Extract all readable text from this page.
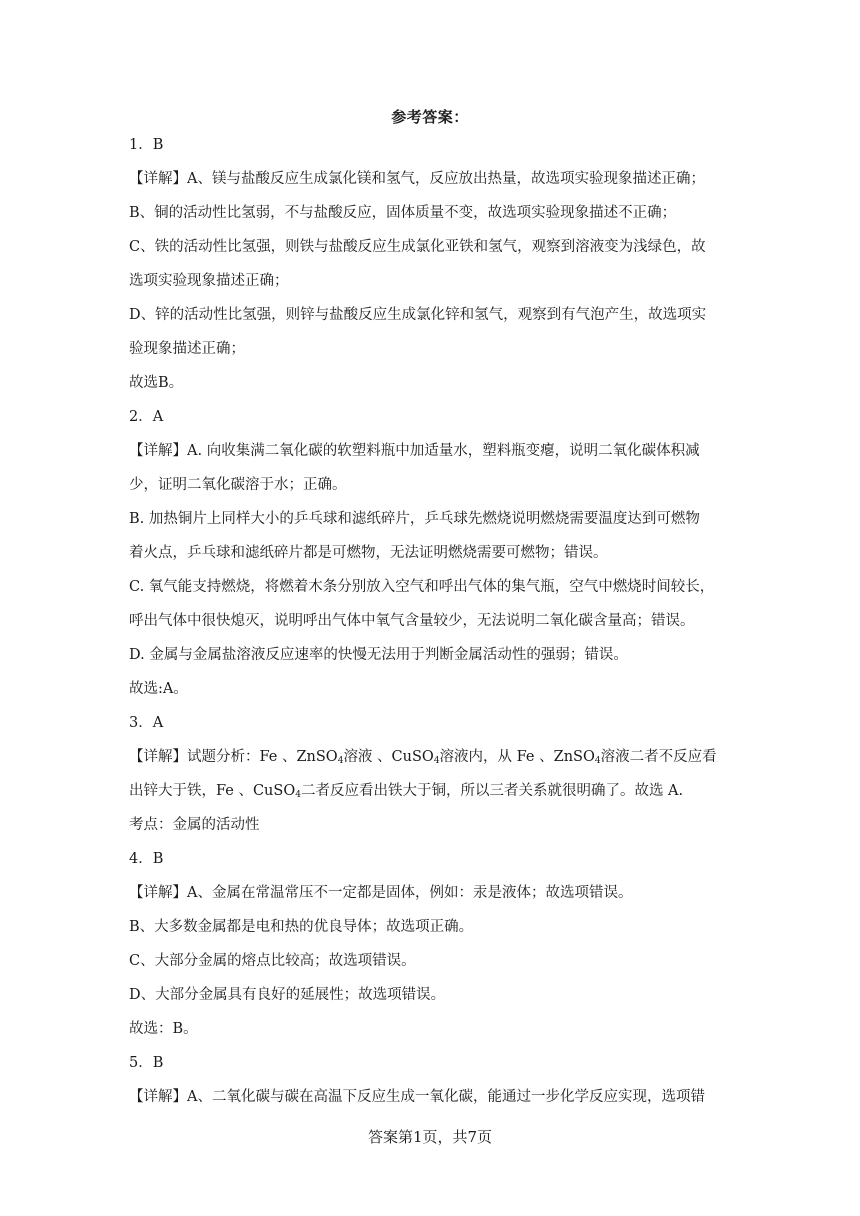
参考答案：
1．B
【详解】A、镁与盐酸反应生成氯化镁和氢气，反应放出热量，故选项实验现象描述正确；
B、铜的活动性比氢弱，不与盐酸反应，固体质量不变，故选项实验现象描述不正确；
C、铁的活动性比氢强，则铁与盐酸反应生成氯化亚铁和氢气，观察到溶液变为浅绿色，故
选项实验现象描述正确；
D、锌的活动性比氢强，则锌与盐酸反应生成氯化锌和氢气，观察到有气泡产生，故选项实
验现象描述正确；
故选B。
2．A
【详解】A. 向收集满二氧化碳的软塑料瓶中加适量水，塑料瓶变瘪，说明二氧化碳体积减
少，证明二氧化碳溶于水；正确。
B. 加热铜片上同样大小的乒乓球和滤纸碎片，乒乓球先燃烧说明燃烧需要温度达到可燃物
着火点，乒乓球和滤纸碎片都是可燃物，无法证明燃烧需要可燃物；错误。
C. 氧气能支持燃烧，将燃着木条分别放入空气和呼出气体的集气瓶，空气中燃烧时间较长，
呼出气体中很快熄灭，说明呼出气体中氧气含量较少，无法说明二氧化碳含量高；错误。
D. 金属与金属盐溶液反应速率的快慢无法用于判断金属活动性的强弱；错误。
故选:A。
3．A
【详解】试题分析：Fe 、ZnSO$_4$溶液 、CuSO$_4$溶液内，从 Fe 、ZnSO$_4$溶液二者不反应看
出锌大于铁，Fe 、CuSO$_4$二者反应看出铁大于铜，所以三者关系就很明确了。故选 A.
考点：金属的活动性
4．B
【详解】A、金属在常温常压不一定都是固体，例如：汞是液体；故选项错误。
B、大多数金属都是电和热的优良导体；故选项正确。
C、大部分金属的熔点比较高；故选项错误。
D、大部分金属具有良好的延展性；故选项错误。
故选：B。
5．B
【详解】A、二氧化碳与碳在高温下反应生成一氧化碳，能通过一步化学反应实现，选项错
答案第1页，共7页
